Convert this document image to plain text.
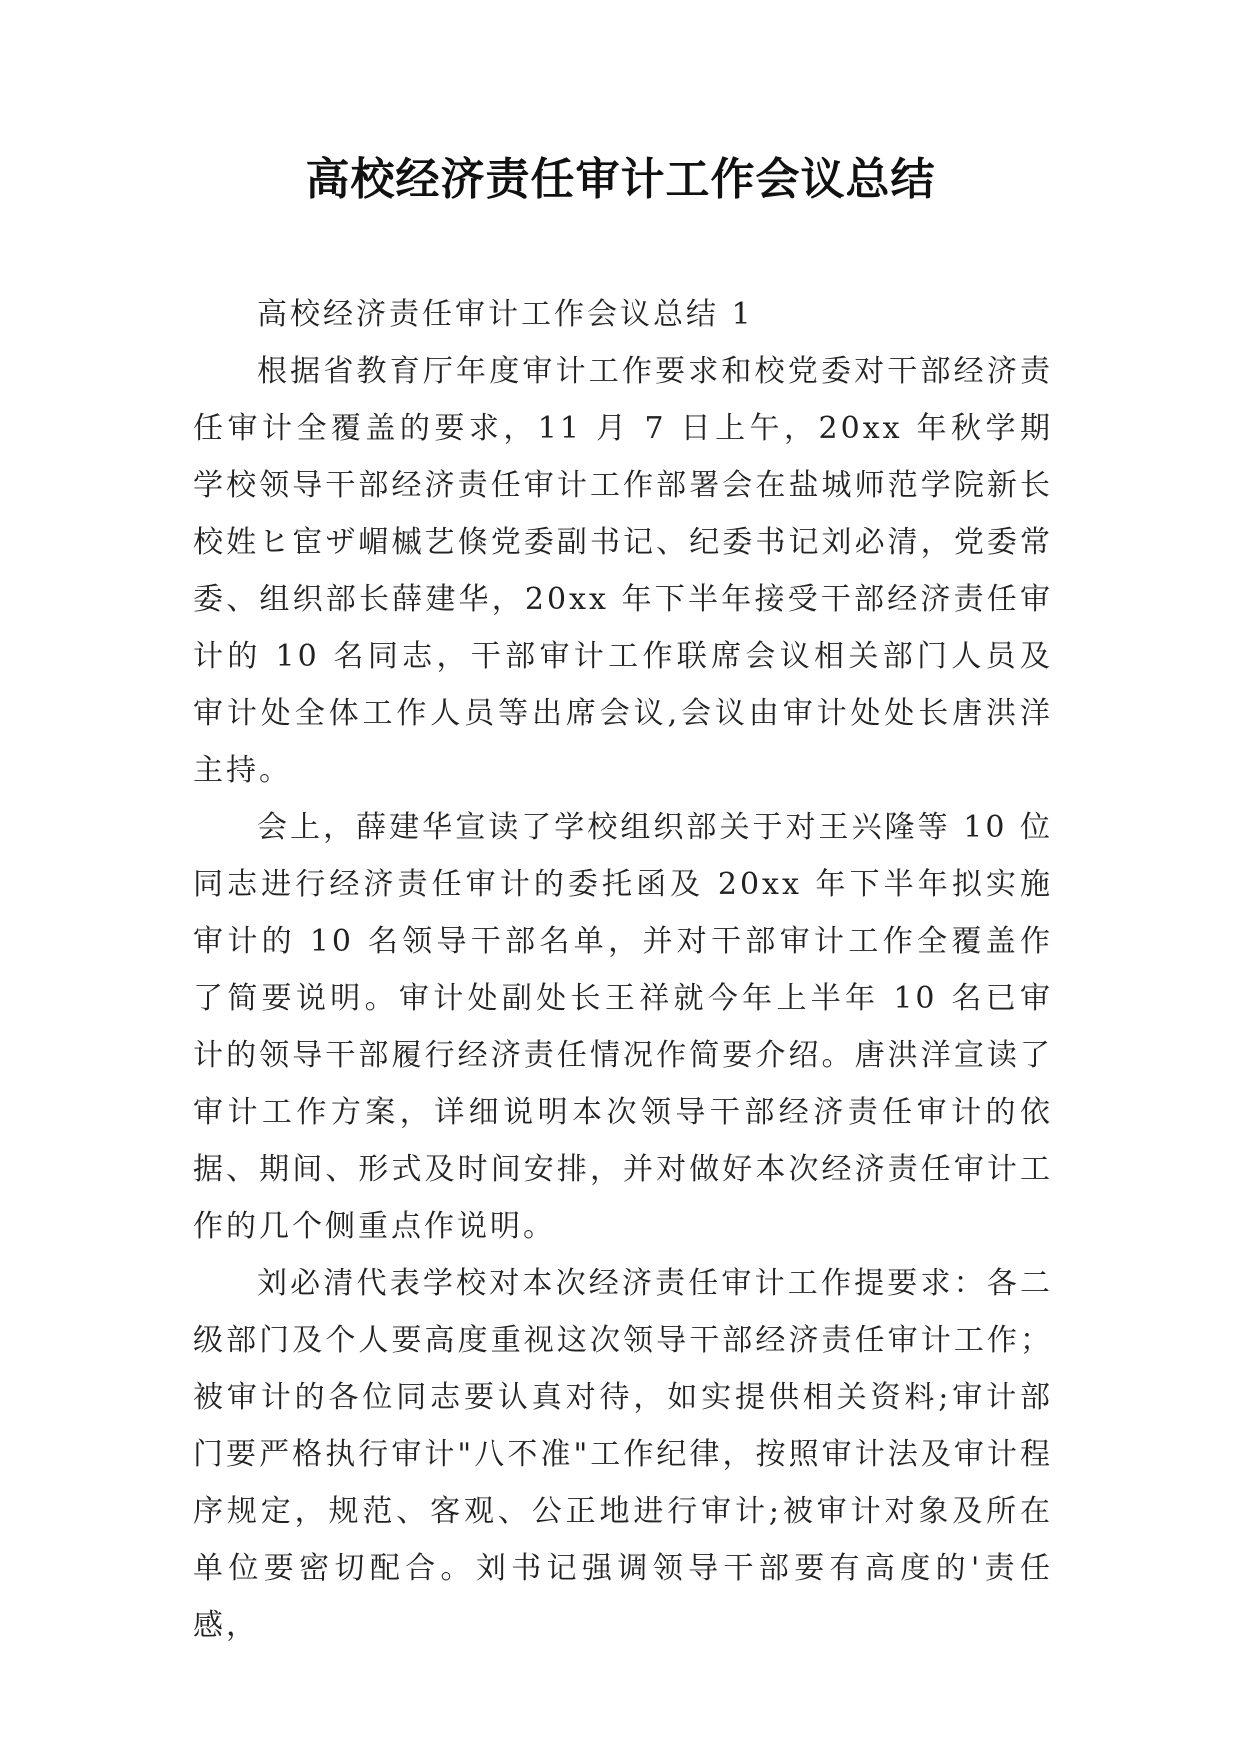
高校经济责任审计工作会议总结

高校经济责任审计工作会议总结 1

根据省教育厅年度审计工作要求和校党委对干部经济责任审计全覆盖的要求，11 月 7 日上午，20xx 年秋学期学校领导干部经济责任审计工作部署会在盐城师范学院新长校姓ヒ宦ザ嵋槭艺倏党委副书记、纪委书记刘必清，党委常委、组织部长薛建华，20xx 年下半年接受干部经济责任审计的 10 名同志，干部审计工作联席会议相关部门人员及审计处全体工作人员等出席会议,会议由审计处处长唐洪洋主持。

会上，薛建华宣读了学校组织部关于对王兴隆等 10 位同志进行经济责任审计的委托函及 20xx 年下半年拟实施审计的 10 名领导干部名单，并对干部审计工作全覆盖作了简要说明。审计处副处长王祥就今年上半年 10 名已审计的领导干部履行经济责任情况作简要介绍。唐洪洋宣读了审计工作方案，详细说明本次领导干部经济责任审计的依据、期间、形式及时间安排，并对做好本次经济责任审计工作的几个侧重点作说明。

刘必清代表学校对本次经济责任审计工作提要求：各二级部门及个人要高度重视这次领导干部经济责任审计工作；被审计的各位同志要认真对待，如实提供相关资料;审计部门要严格执行审计"八不准"工作纪律，按照审计法及审计程序规定，规范、客观、公正地进行审计;被审计对象及所在单位要密切配合。刘书记强调领导干部要有高度的'责任感，
